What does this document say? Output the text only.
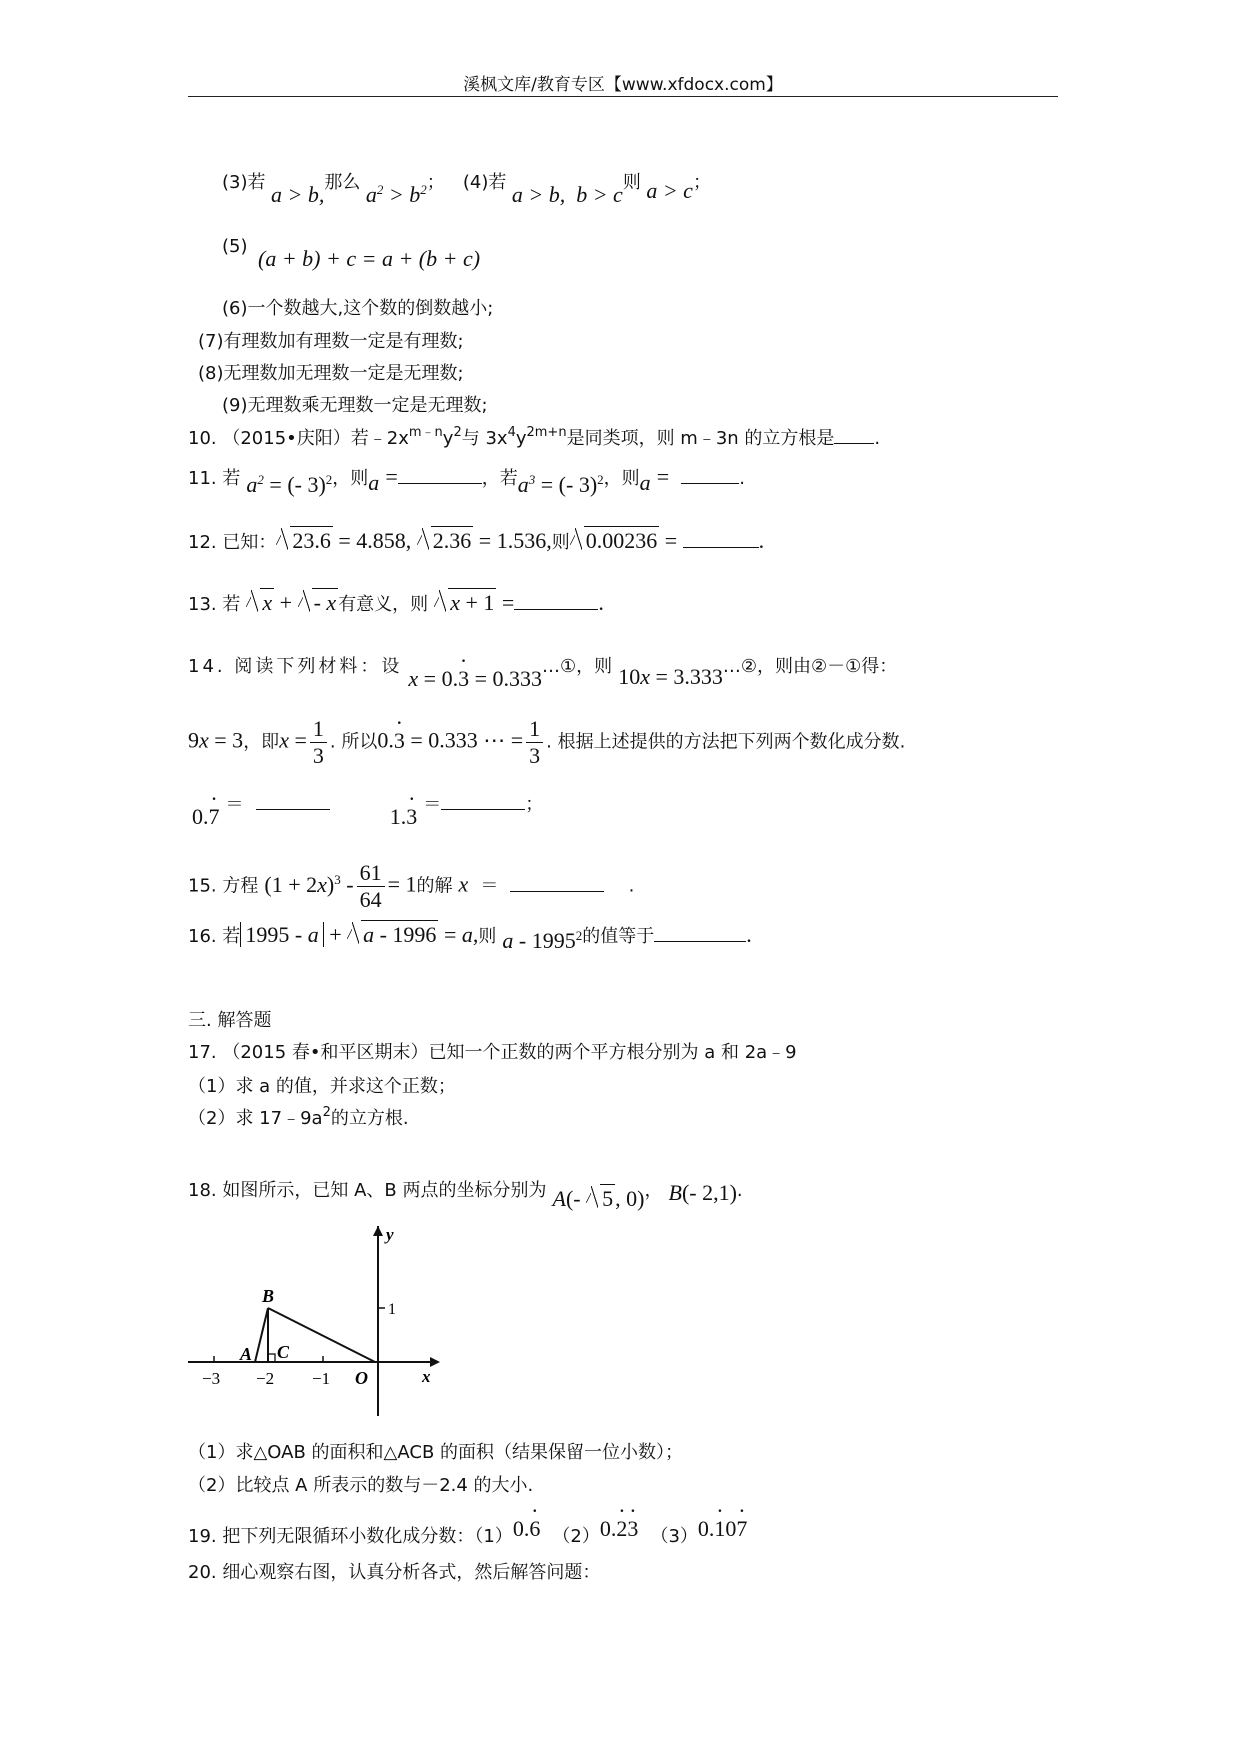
溪枫文库/教育专区【www.xfdocx.com】
(3)若 a > b,那么 $a^2 > b^2$； (4)若 a > b,  b > c则 a > c；
(5) (a + b) + c = a + (b + c)
(6)一个数越大,这个数的倒数越小;
(7)有理数加有理数一定是有理数;
(8)无理数加无理数一定是无理数;
(9)无理数乘无理数一定是无理数;
10. （2015•庆阳）若$﹣2x^{m﹣n}y^2$与 $3x^4y^{2m+n}$是同类项，则 m﹣3n 的立方根是 .
11. 若 $a^2$ = (- 3)$^2$，则a =	，若$a^3$ = (- 3)$^2$，则a =	.
12. 已知： 23.6 = 4.858, 2.36 = 1.536,则 0.00236 =	.
13. 若 x + - x 有意义，则 x + 1 =	.
14. 阅读下列材料：设 x = 0.3 · = 0.333…①，则 10x = 3.333…②，则由②－①得：
9x = 3，即$x = \frac{1}{3}$ . 所以0.3 · = 0.333 ⋯ = $\frac{1}{3}$ . 根据上述提供的方法把下列两个数化成分数.
0.7 · ＝	1.3 · ＝	；
15. 方程 $(1 + 2x)^3 - \frac{61}{64} = 1$的解 x ＝	.
16. 若 1995 - a + a - 1996 = a,则 a - 1995$^2$的值等于	.
三. 解答题
17. （2015 春•和平区期末）已知一个正数的两个平方根分别为 a 和 2a﹣9
（1）求 a 的值，并求这个正数；
（2）求 $17﹣9a^2$的立方根.
18. 如图所示，已知 A、B 两点的坐标分别为 A(- 5, 0)， B(- 2,1).
B
A C
−3 −2 −1 O	x
y
1
（1）求△OAB 的面积和△ACB 的面积（结果保留一位小数）；
（2）比较点 A 所表示的数与－2.4 的大小.
19. 把下列无限循环小数化成分数：（1）0.6 · （2）0.2 ·3 · （3）0.1 ·07 ·
20. 细心观察右图，认真分析各式，然后解答问题：
